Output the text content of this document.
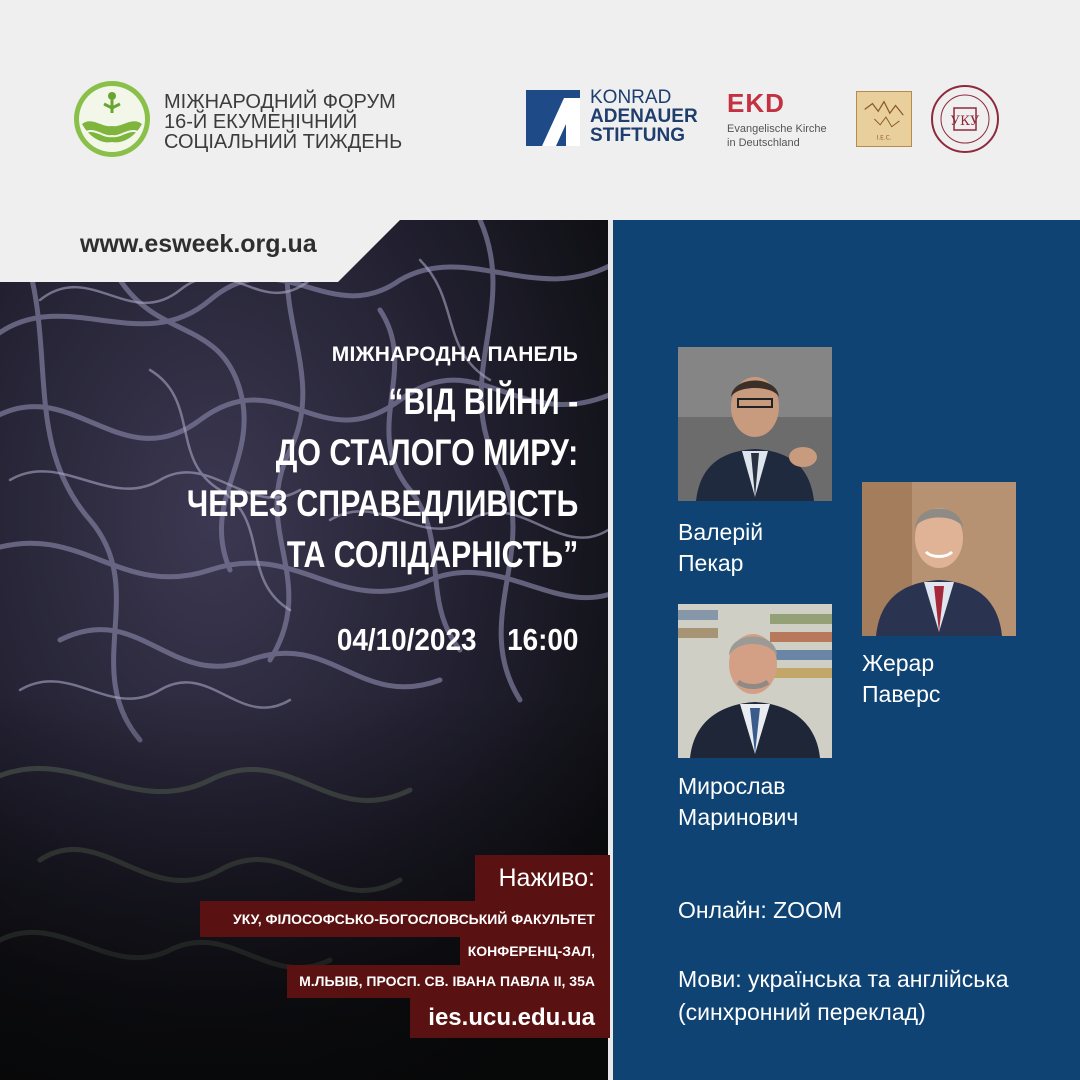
МІЖНАРОДНИЙ ФОРУМ
16-Й ЕКУМЕНІЧНИЙ
СОЦІАЛЬНИЙ ТИЖДЕНЬ
KONRAD
ADENAUER
STIFTUNG
EKD
Evangelische Kirche
in Deutschland	І.Е.С.
УКУ
www.esweek.org.ua
МІЖНАРОДНА ПАНЕЛЬ
“ВІД ВІЙНИ -
ДО СТАЛОГО МИРУ:
ЧЕРЕЗ СПРАВЕДЛИВІСТЬ
ТА СОЛІДАРНІСТЬ”
04/10/2023 16:00
Наживо:
УКУ, ФІЛОСОФСЬКО-БОГОСЛОВСЬКИЙ ФАКУЛЬТЕТ
КОНФЕРЕНЦ-ЗАЛ,
М.ЛЬВІВ, ПРОСП. СВ. ІВАНА ПАВЛА ІІ, 35А
ies.ucu.edu.ua
Валерій
Пекар
Жерар
Паверс
Мирослав
Маринович
Онлайн: ZOOM
Мови: українська та англійська
(синхронний переклад)
